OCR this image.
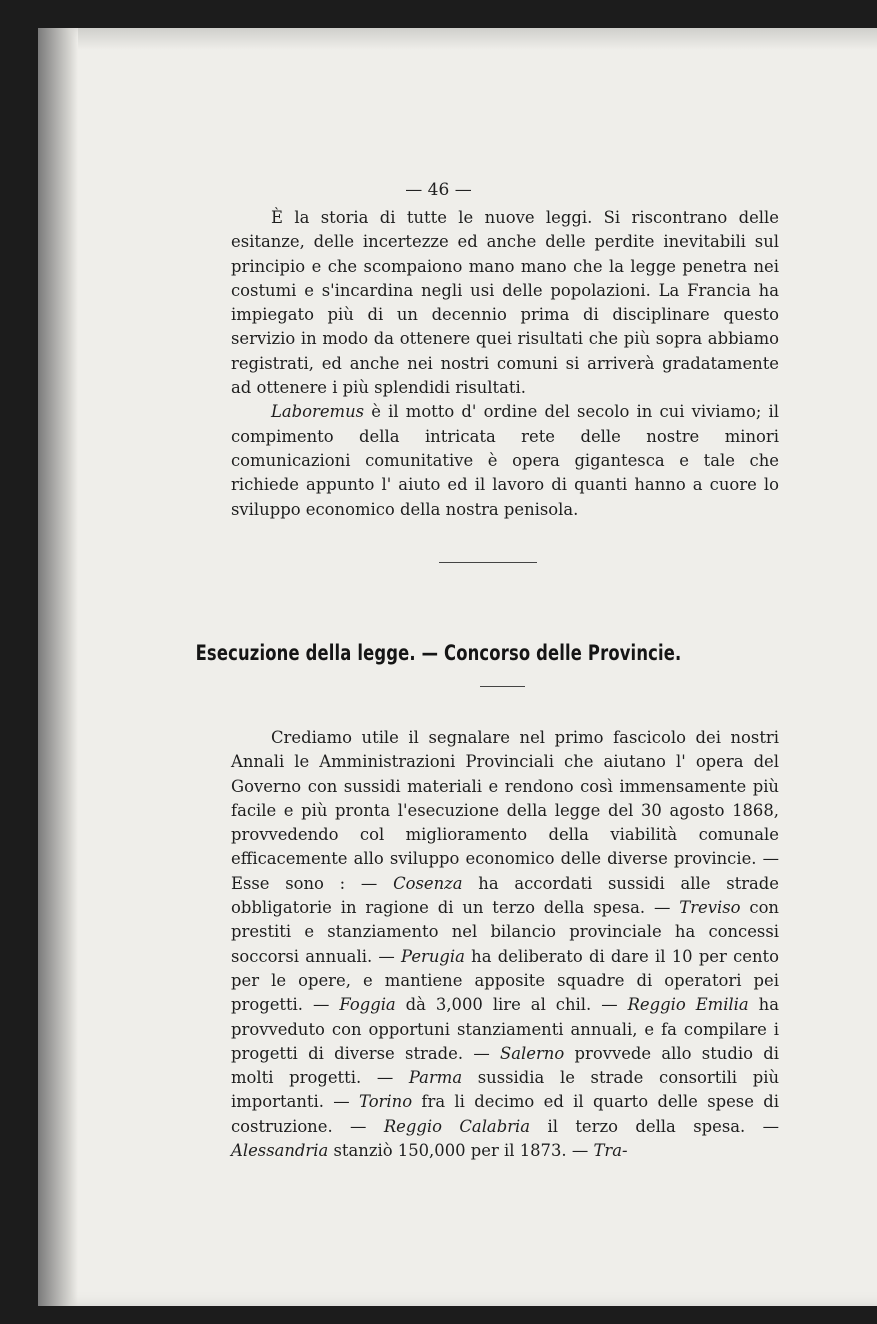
— 46 —

È la storia di tutte le nuove leggi. Si riscontrano delle esitanze, delle incertezze ed anche delle perdite inevitabili sul principio e che scompaiono mano mano che la legge penetra nei costumi e s'incardina negli usi delle popolazioni. La Francia ha impiegato più di un decennio prima di disciplinare questo servizio in modo da ottenere quei risultati che più sopra abbiamo registrati, ed anche nei nostri comuni si arriverà gradatamente ad ottenere i più splendidi risultati.

Laboremus è il motto d' ordine del secolo in cui viviamo; il compimento della intricata rete delle nostre minori comunicazioni comunitative è opera gigantesca e tale che richiede appunto l' aiuto ed il lavoro di quanti hanno a cuore lo sviluppo economico della nostra penisola.

Esecuzione della legge. — Concorso delle Provincie.

Crediamo utile il segnalare nel primo fascicolo dei nostri Annali le Amministrazioni Provinciali che aiutano l' opera del Governo con sussidi materiali e rendono così immensamente più facile e più pronta l'esecuzione della legge del 30 agosto 1868, provvedendo col miglioramento della viabilità comunale efficacemente allo sviluppo economico delle diverse provincie. — Esse sono : — Cosenza ha accordati sussidi alle strade obbligatorie in ragione di un terzo della spesa. — Treviso con prestiti e stanziamento nel bilancio provinciale ha concessi soccorsi annuali. — Perugia ha deliberato di dare il 10 per cento per le opere, e mantiene apposite squadre di operatori pei progetti. — Foggia dà 3,000 lire al chil. — Reggio Emilia ha provveduto con opportuni stanziamenti annuali, e fa compilare i progetti di diverse strade. — Salerno provvede allo studio di molti progetti. — Parma sussidia le strade consortili più importanti. — Torino fra li decimo ed il quarto delle spese di costruzione. — Reggio Calabria il terzo della spesa. — Alessandria stanziò 150,000 per il 1873. — Tra-
